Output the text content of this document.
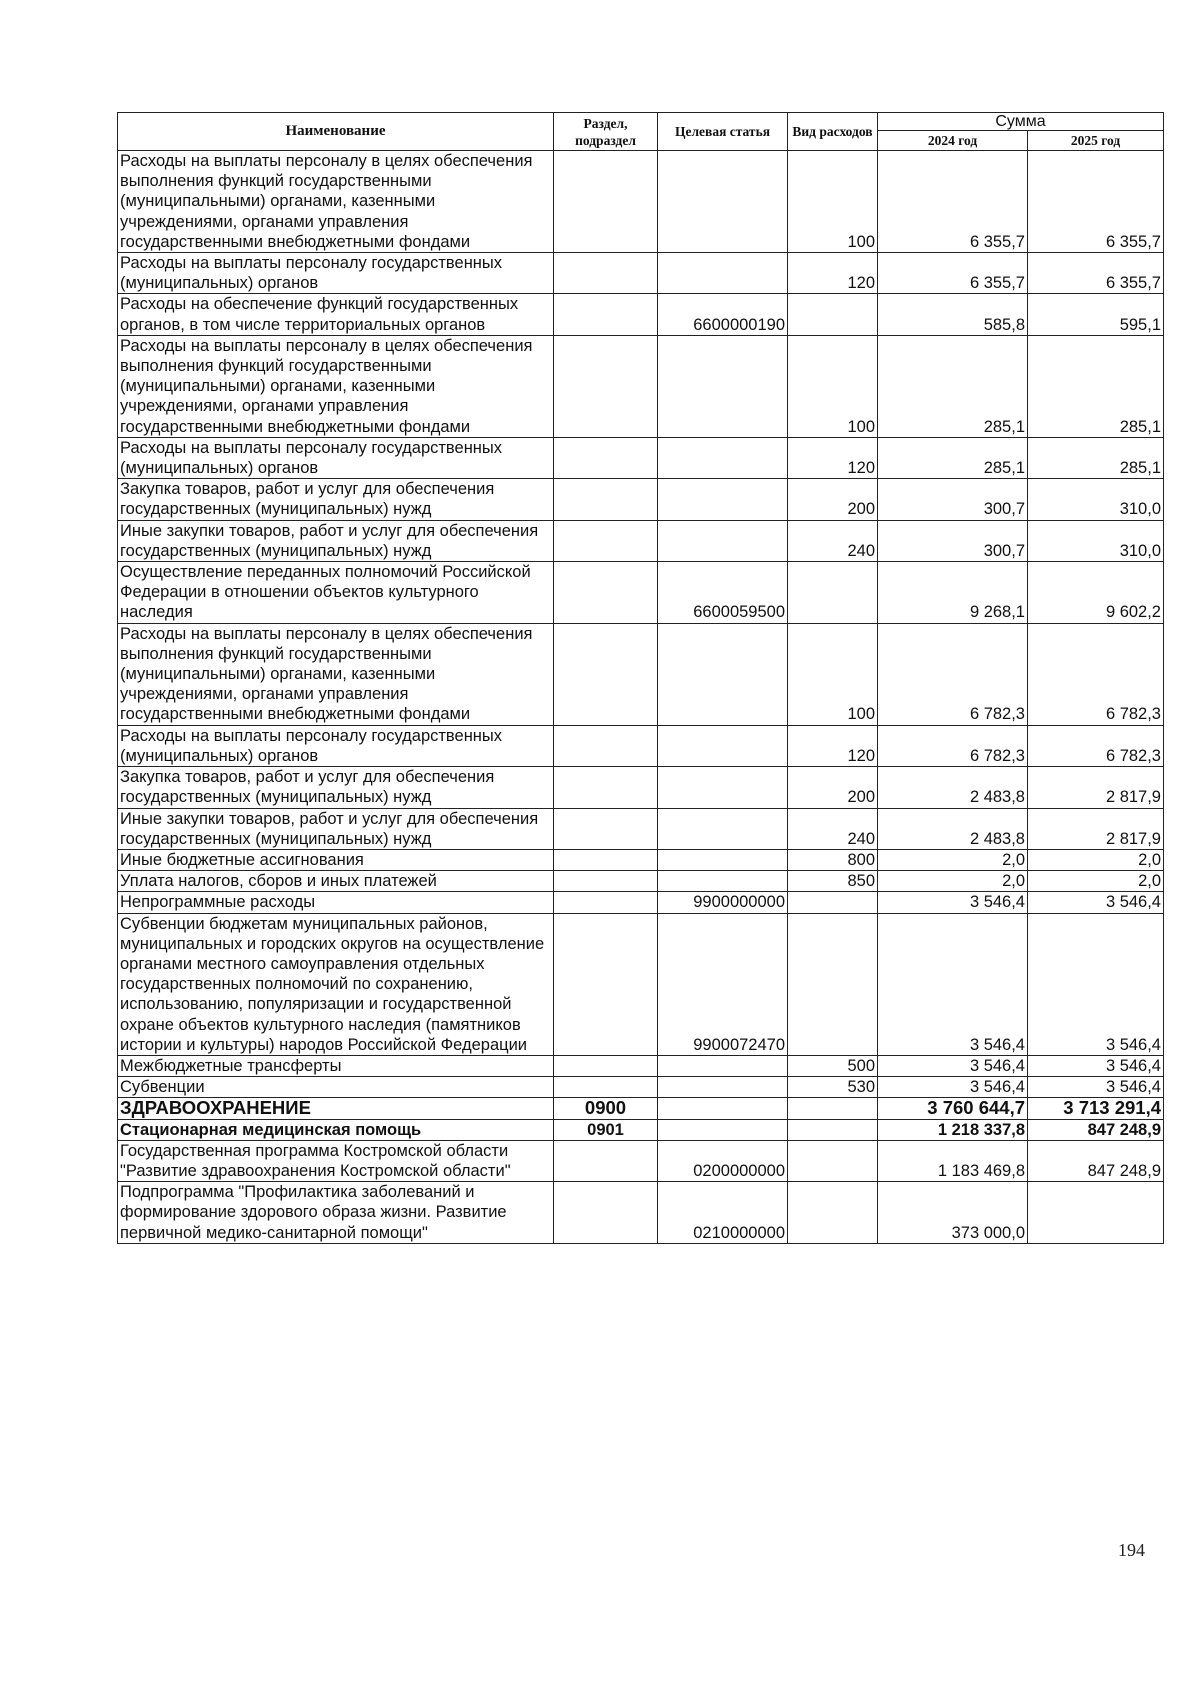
Наименование	Раздел, подраздел	Целевая статья	Вид расходов	Сумма	
				2024 год	2025 год
Расходы на выплаты персоналу в целях обеспечения выполнения функций государственными (муниципальными) органами, казенными учреждениями, органами управления государственными внебюджетными фондами			100	6 355,7	6 355,7
Расходы на выплаты персоналу государственных (муниципальных) органов			120	6 355,7	6 355,7
Расходы на обеспечение функций государственных органов, в том числе территориальных органов		6600000190		585,8	595,1
Расходы на выплаты персоналу в целях обеспечения выполнения функций государственными (муниципальными) органами, казенными учреждениями, органами управления государственными внебюджетными фондами			100	285,1	285,1
Расходы на выплаты персоналу государственных (муниципальных) органов			120	285,1	285,1
Закупка товаров, работ и услуг для обеспечения государственных (муниципальных) нужд			200	300,7	310,0
Иные закупки товаров, работ и услуг для обеспечения государственных (муниципальных) нужд			240	300,7	310,0
Осуществление переданных полномочий Российской Федерации в отношении объектов культурного наследия		6600059500		9 268,1	9 602,2
Расходы на выплаты персоналу в целях обеспечения выполнения функций государственными (муниципальными) органами, казенными учреждениями, органами управления государственными внебюджетными фондами			100	6 782,3	6 782,3
Расходы на выплаты персоналу государственных (муниципальных) органов			120	6 782,3	6 782,3
Закупка товаров, работ и услуг для обеспечения государственных (муниципальных) нужд			200	2 483,8	2 817,9
Иные закупки товаров, работ и услуг для обеспечения государственных (муниципальных) нужд			240	2 483,8	2 817,9
Иные бюджетные ассигнования			800	2,0	2,0
Уплата налогов, сборов и иных платежей			850	2,0	2,0
Непрограммные расходы		9900000000		3 546,4	3 546,4
Субвенции бюджетам муниципальных районов, муниципальных и городских округов на осуществление органами местного самоуправления отдельных государственных полномочий по сохранению, использованию, популяризации и государственной охране объектов культурного наследия (памятников истории и культуры) народов Российской Федерации		9900072470		3 546,4	3 546,4
Межбюджетные трансферты			500	3 546,4	3 546,4
Субвенции			530	3 546,4	3 546,4
ЗДРАВООХРАНЕНИЕ	0900			3 760 644,7	3 713 291,4
Стационарная медицинская помощь	0901			1 218 337,8	847 248,9
Государственная программа Костромской области "Развитие здравоохранения Костромской области"		0200000000		1 183 469,8	847 248,9
Подпрограмма "Профилактика заболеваний и формирование здорового образа жизни. Развитие первичной медико-санитарной помощи"		0210000000		373 000,0	
194
